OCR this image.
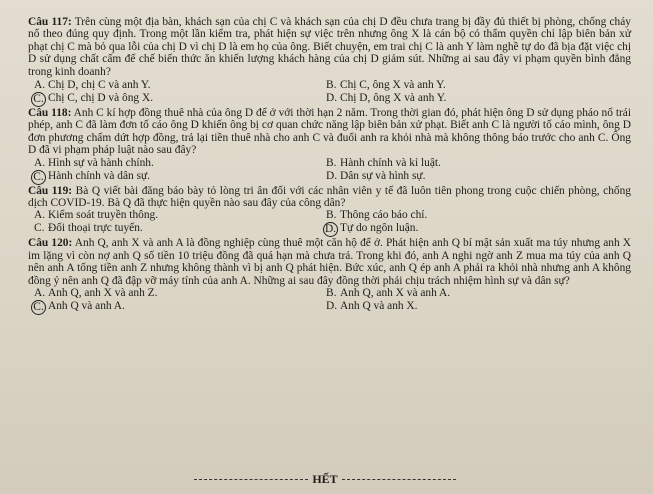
Câu 117: Trên cùng một địa bàn, khách sạn của chị C và khách sạn của chị D đều chưa trang bị đầy đủ thiết bị phòng, chống cháy nổ theo đúng quy định. Trong một lần kiểm tra, phát hiện sự việc trên nhưng ông X là cán bộ có thẩm quyền chỉ lập biên bản xử phạt chị C mà bỏ qua lỗi của chị D vì chị D là em họ của ông. Biết chuyện, em trai chị C là anh Y làm nghề tự do đã bịa đặt việc chị D sử dụng chất cấm để chế biến thức ăn khiến lượng khách hàng của chị D giảm sút. Những ai sau đây vi phạm quyền bình đẳng trong kinh doanh?

A. Chị D, chị C và anh Y.	B. Chị C, ông X và anh Y.
C. Chị C, chị D và ông X.	D. Chị D, ông X và anh Y.

Câu 118: Anh C kí hợp đồng thuê nhà của ông D để ở với thời hạn 2 năm. Trong thời gian đó, phát hiện ông D sử dụng pháo nổ trái phép, anh C đã làm đơn tố cáo ông D khiến ông bị cơ quan chức năng lập biên bản xử phạt. Biết anh C là người tố cáo mình, ông D đơn phương chấm dứt hợp đồng, trả lại tiền thuê nhà cho anh C và đuổi anh ra khỏi nhà mà không thông báo trước cho anh C. Ông D đã vi phạm pháp luật nào sau đây?

A. Hình sự và hành chính.	B. Hành chính và kỉ luật.
C. Hành chính và dân sự.	D. Dân sự và hình sự.

Câu 119: Bà Q viết bài đăng báo bày tỏ lòng tri ân đối với các nhân viên y tế đã luôn tiên phong trong cuộc chiến phòng, chống dịch COVID-19. Bà Q đã thực hiện quyền nào sau đây của công dân?

A. Kiểm soát truyền thông.	B. Thông cáo báo chí.
C. Đối thoại trực tuyến.	D. Tự do ngôn luận.

Câu 120: Anh Q, anh X và anh A là đồng nghiệp cùng thuê một căn hộ để ở. Phát hiện anh Q bí mật sản xuất ma túy nhưng anh X im lặng vì còn nợ anh Q số tiền 10 triệu đồng đã quá hạn mà chưa trả. Trong khi đó, anh A nghi ngờ anh Z mua ma túy của anh Q nên anh A tống tiền anh Z nhưng không thành vì bị anh Q phát hiện. Bức xúc, anh Q ép anh A phải ra khỏi nhà nhưng anh A không đồng ý nên anh Q đã đập vỡ máy tính của anh A. Những ai sau đây đồng thời phải chịu trách nhiệm hình sự và dân sự?

A. Anh Q, anh X và anh Z.	B. Anh Q, anh X và anh A.
C. Anh Q và anh A.	D. Anh Q và anh X.
HẾT
